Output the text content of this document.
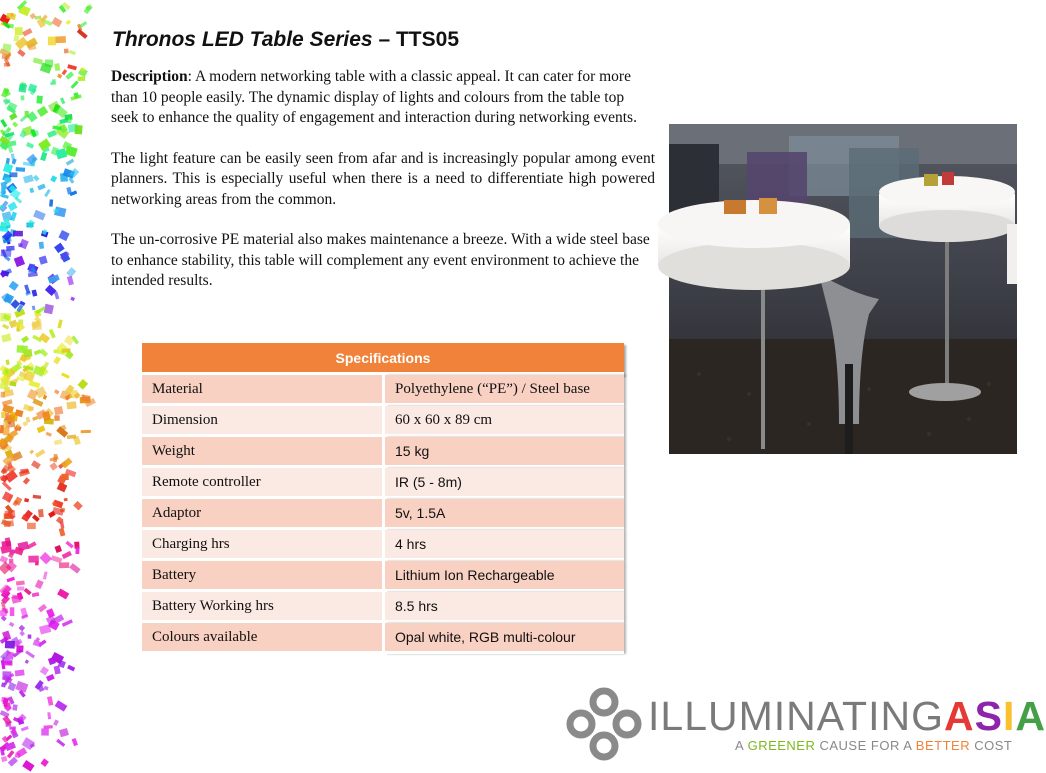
Thronos LED Table Series – TTS05

Description: A modern networking table with a classic appeal. It can cater for more than 10 people easily. The dynamic display of lights and colours from the table top seek to enhance the quality of engagement and interaction during networking events.

The light feature can be easily seen from afar and is increasingly popular among event planners. This is especially useful when there is a need to differentiate high powered networking areas from the common.

The un-corrosive PE material also makes maintenance a breeze. With a wide steel base to enhance stability, this table will complement any event environment to achieve the intended results.

Specifications	
Material	Polyethylene (“PE”) / Steel base
Dimension	60 x 60 x 89 cm
Weight	15 kg
Remote controller	IR (5 - 8m)
Adaptor	5v, 1.5A
Charging hrs	4 hrs
Battery	Lithium Ion Rechargeable
Battery Working hrs	8.5 hrs
Colours available	Opal white, RGB multi-colour
ILLUMINATINGASIA
A GREENER CAUSE FOR A BETTER COST
